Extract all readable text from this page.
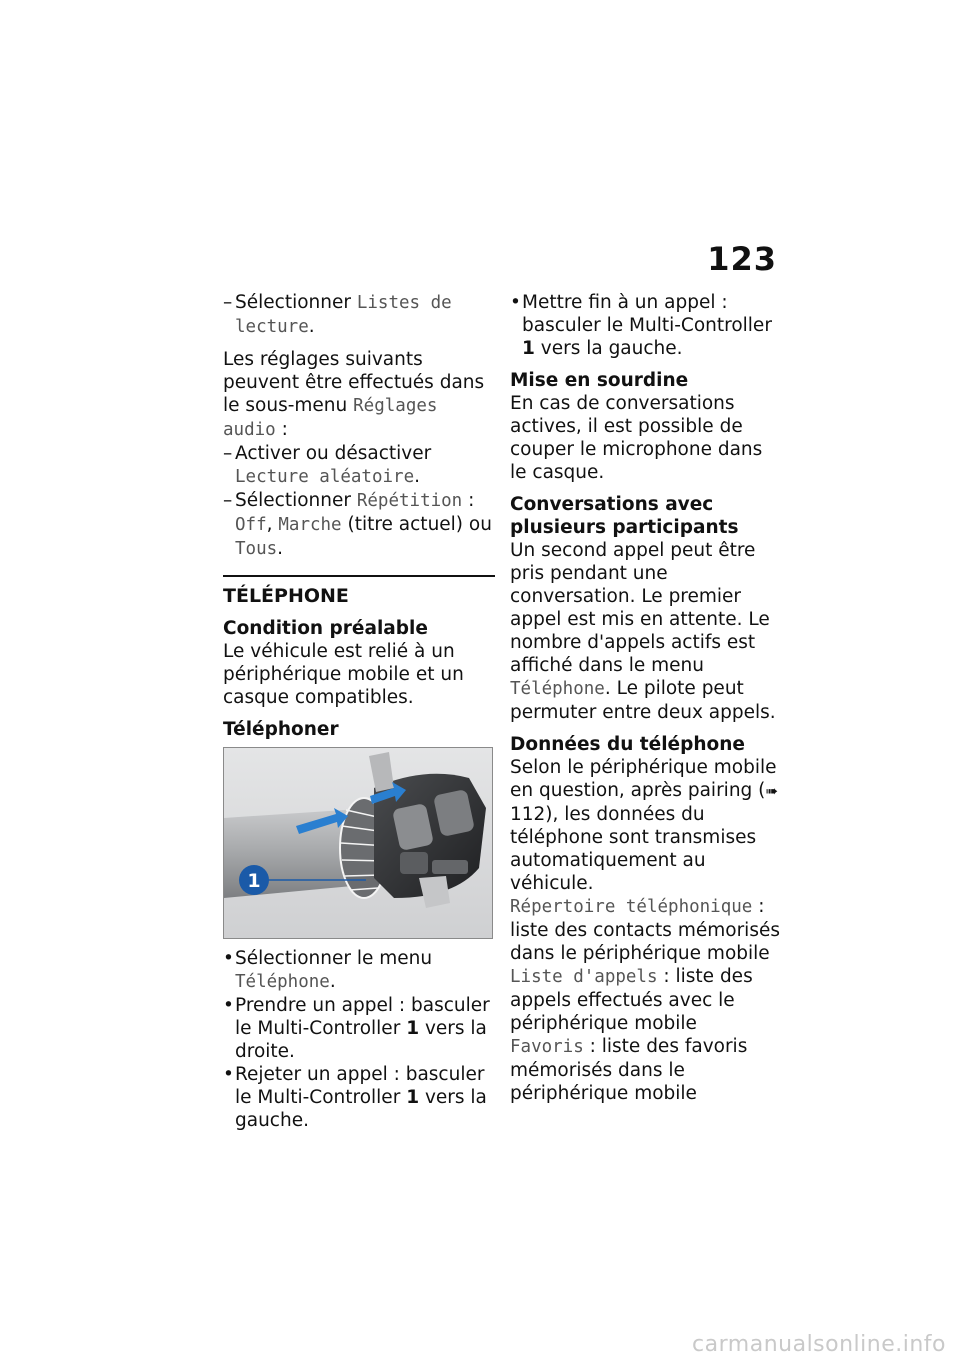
123
– Sélectionner Listes de lecture.

Les réglages suivants peuvent être effectués dans le sous-menu Réglages audio :

– Activer ou désactiver Lecture aléatoire.
– Sélectionner Répétition : Off, Marche (titre actuel) ou Tous.
TÉLÉPHONE
Condition préalable

Le véhicule est relié à un périphérique mobile et un casque compatibles.

Téléphoner
1
• Sélectionner le menu Téléphone.
• Prendre un appel : basculer le Multi-Controller 1 vers la droite.
• Rejeter un appel : basculer le Multi-Controller 1 vers la gauche.
• Mettre fin à un appel : basculer le Multi-Controller 1 vers la gauche.
Mise en sourdine

En cas de conversations actives, il est possible de couper le microphone dans le casque.

Conversations avec plusieurs participants

Un second appel peut être pris pendant une conversation. Le premier appel est mis en attente. Le nombre d'appels actifs est affiché dans le menu Téléphone. Le pilote peut permuter entre deux appels.

Données du téléphone

Selon le périphérique mobile en question, après pairing (➠ 112), les données du téléphone sont transmises automatiquement au véhicule.

Répertoire téléphonique : liste des contacts mémorisés dans le périphérique mobile
Liste d'appels : liste des appels effectués avec le périphérique mobile
Favoris : liste des favoris mémorisés dans le périphérique mobile
carmanualsonline.info
